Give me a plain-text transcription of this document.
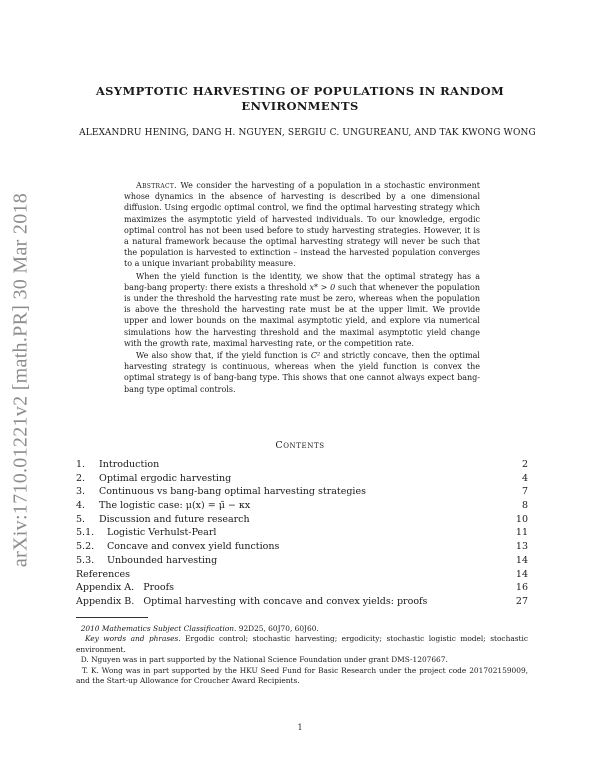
arXiv:1710.01221v2 [math.PR] 30 Mar 2018
ASYMPTOTIC HARVESTING OF POPULATIONS IN RANDOM
ENVIRONMENTS
ALEXANDRU HENING, DANG H. NGUYEN, SERGIU C. UNGUREANU, AND TAK KWONG WONG

Abstract. We consider the harvesting of a population in a stochastic environment whose dynamics in the absence of harvesting is described by a one dimensional diffusion. Using ergodic optimal control, we find the optimal harvesting strategy which maximizes the asymptotic yield of harvested individuals. To our knowledge, ergodic optimal control has not been used before to study harvesting strategies. However, it is a natural framework because the optimal harvesting strategy will never be such that the population is harvested to extinction – instead the harvested population converges to a unique invariant probability measure.

When the yield function is the identity, we show that the optimal strategy has a bang-bang property: there exists a threshold x* > 0 such that whenever the population is under the threshold the harvesting rate must be zero, whereas when the population is above the threshold the harvesting rate must be at the upper limit. We provide upper and lower bounds on the maximal asymptotic yield, and explore via numerical simulations how the harvesting threshold and the maximal asymptotic yield change with the growth rate, maximal harvesting rate, or the competition rate.

We also show that, if the yield function is C² and strictly concave, then the optimal harvesting strategy is continuous, whereas when the yield function is convex the optimal strategy is of bang-bang type. This shows that one cannot always expect bang-bang type optimal controls.

Contents
1. Introduction	2
2. Optimal ergodic harvesting	4
3. Continuous vs bang-bang optimal harvesting strategies	7
4. The logistic case: μ(x) = μ̄ − κx	8
5. Discussion and future research	10
5.1. Logistic Verhulst-Pearl	11
5.2. Concave and convex yield functions	13
5.3. Unbounded harvesting	14
References	14
Appendix A. Proofs	16
Appendix B. Optimal harvesting with concave and convex yields: proofs	27

2010 Mathematics Subject Classification. 92D25, 60J70, 60J60.

Key words and phrases. Ergodic control; stochastic harvesting; ergodicity; stochastic logistic model; stochastic environment.

D. Nguyen was in part supported by the National Science Foundation under grant DMS-1207667.

T. K. Wong was in part supported by the HKU Seed Fund for Basic Research under the project code 201702159009, and the Start-up Allowance for Croucher Award Recipients.

1
